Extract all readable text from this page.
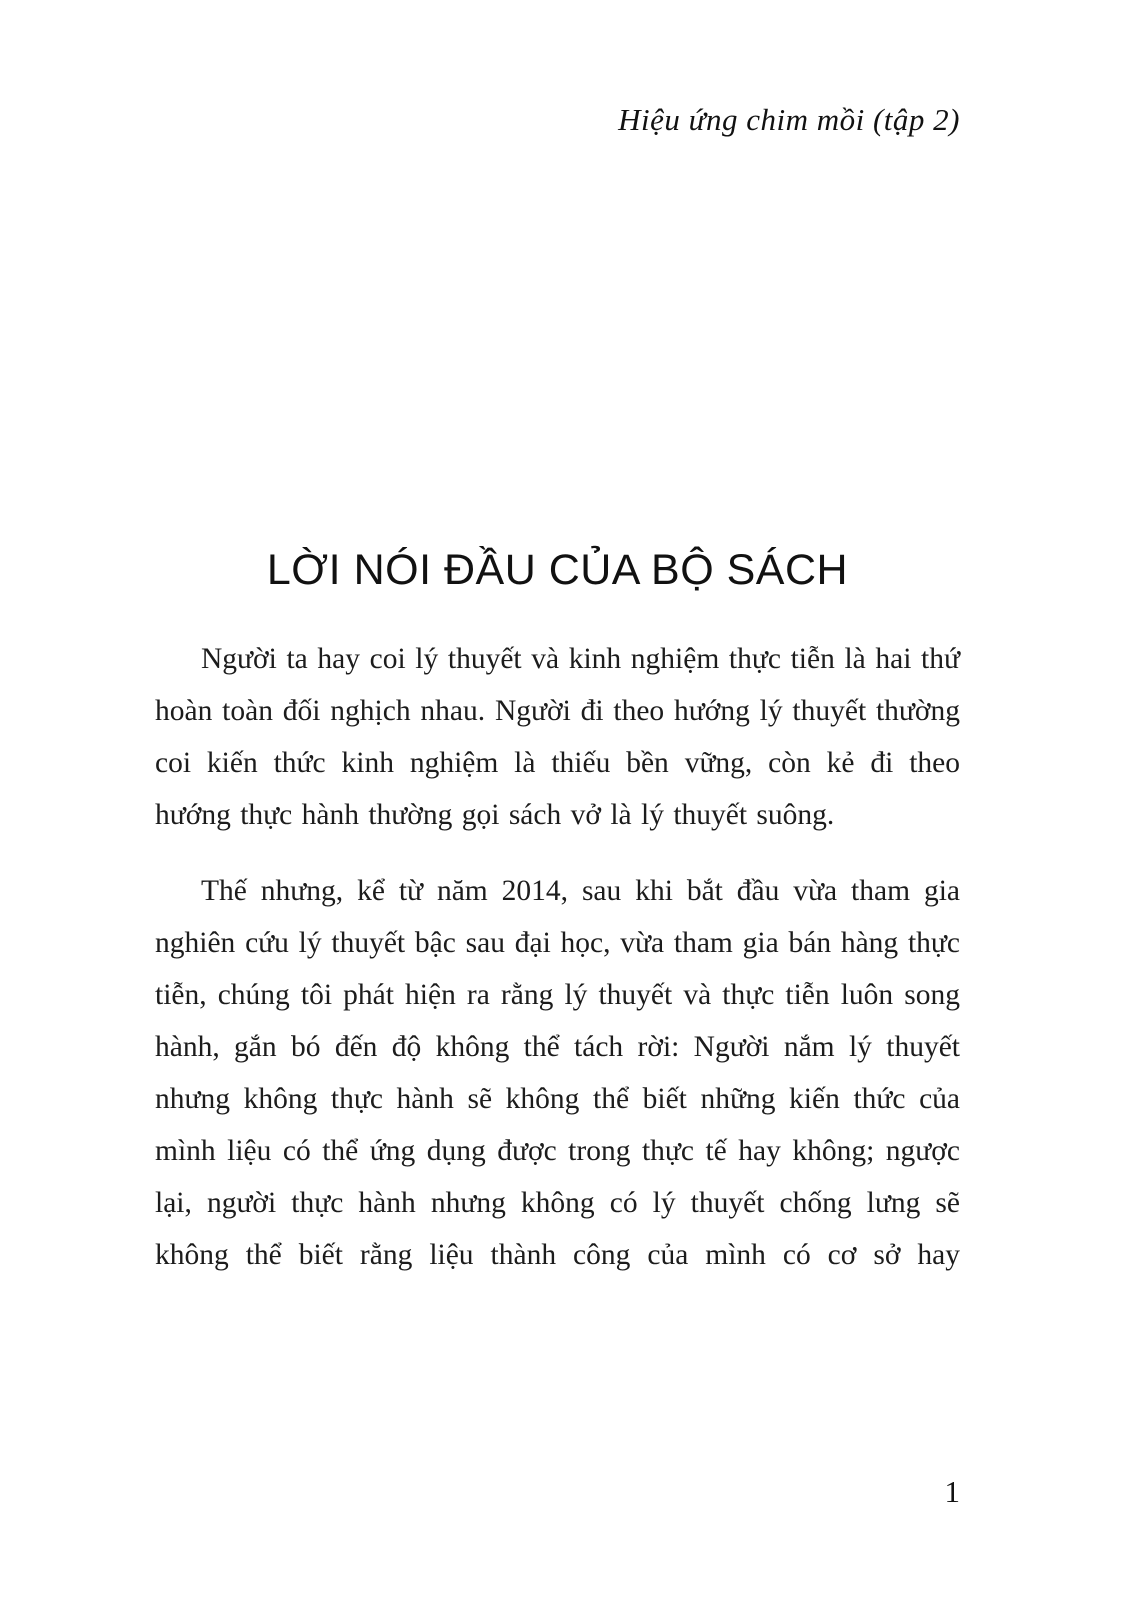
Hiệu ứng chim mồi (tập 2)
LỜI NÓI ĐẦU CỦA BỘ SÁCH

Người ta hay coi lý thuyết và kinh nghiệm thực tiễn là hai thứ hoàn toàn đối nghịch nhau. Người đi theo hướng lý thuyết thường coi kiến thức kinh nghiệm là thiếu bền vững, còn kẻ đi theo hướng thực hành thường gọi sách vở là lý thuyết suông.

Thế nhưng, kể từ năm 2014, sau khi bắt đầu vừa tham gia nghiên cứu lý thuyết bậc sau đại học, vừa tham gia bán hàng thực tiễn, chúng tôi phát hiện ra rằng lý thuyết và thực tiễn luôn song hành, gắn bó đến độ không thể tách rời: Người nắm lý thuyết nhưng không thực hành sẽ không thể biết những kiến thức của mình liệu có thể ứng dụng được trong thực tế hay không; ngược lại, người thực hành nhưng không có lý thuyết chống lưng sẽ không thể biết rằng liệu thành công của mình có cơ sở hay

1
